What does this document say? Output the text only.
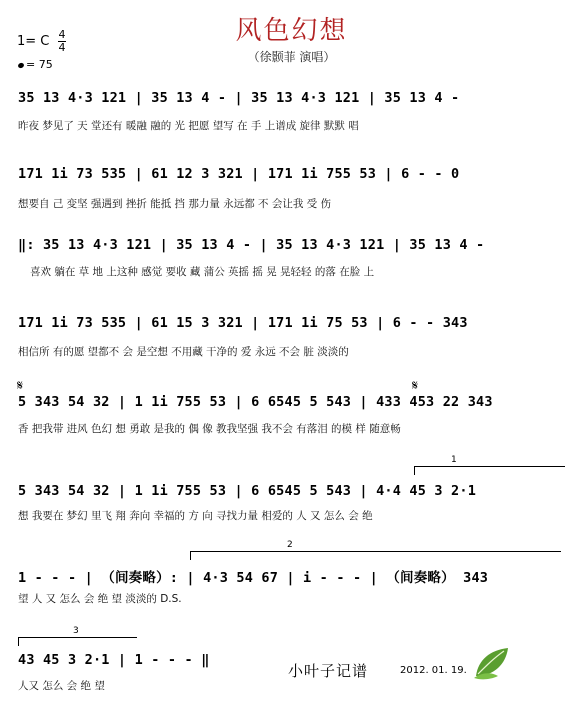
风色幻想
（徐颢菲 演唱）
1= C 4
4
= 75
35 13 4·3 121 | 35 13 4 - | 35 13 4·3 121 | 35 13 4 -
昨夜 梦见了 天 堂还有 暖融 融的 光 把愿 望写 在 手 上谱成 旋律 默默 唱
171 1i 73 535 | 61 12 3 321 | 171 1i 755 53 | 6 - - 0
想要自 己 变坚 强遇到 挫折 能抵 挡 那力量 永远都 不 会让我 受 伤
‖: 35 13 4·3 121 | 35 13 4 - | 35 13 4·3 121 | 35 13 4 -
喜欢 躺在 草 地 上这种 感觉 要收 藏 蒲公 英摇 摇 晃 晃轻轻 的落 在脸 上
171 1i 73 535 | 61 15 3 321 | 171 1i 75 53 | 6 - - 343
相信所 有的愿 望都不 会 是空想 不用藏 干净的 爱 永远 不会 脏 淡淡的
𝄋	𝄋
5 343 54 32 | 1 1i 755 53 | 6 6545 5 543 | 433 453 22 343
香 把我带 进风 色幻 想 勇敢 是我的 偶 像 教我坚强 我不会 有落泪 的模 样 随意畅
1
5 343 54 32 | 1 1i 755 53 | 6 6545 5 543 | 4·4 45 3 2·1
想 我要在 梦幻 里飞 翔 奔向 幸福的 方 向 寻找力量 相爱的 人 又 怎么 会 绝
2
1 - - - | （间奏略）: | 4·3 54 67 | i - - - | （间奏略） 343
望 人 又 怎么 会 绝 望 淡淡的 D.S.
3
43 45 3 2·1 | 1 - - - ‖
人又 怎么 会 绝 望
小叶子记谱	2012. 01. 19.
